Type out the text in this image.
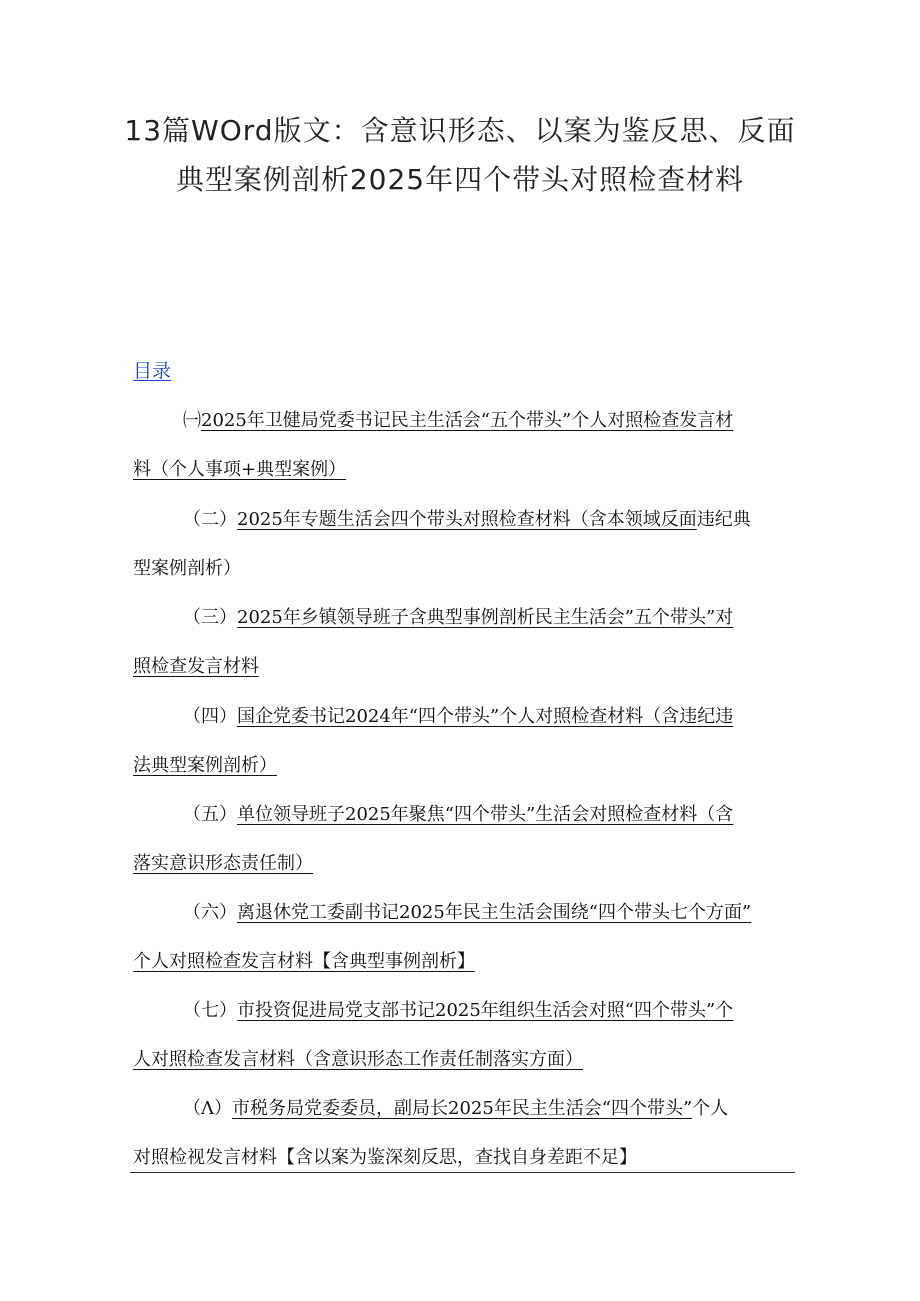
13篇WOrd版文：含意识形态、以案为鉴反思、反面
典型案例剖析2025年四个带头对照检查材料
目录
㈠2025年卫健局党委书记民主生活会“五个带头”个人对照检查发言材
料（个人事项+典型案例）
（二）2025年专题生活会四个带头对照检查材料（含本领域反面违纪典
型案例剖析）
（三）2025年乡镇领导班子含典型事例剖析民主生活会”五个带头”对
照检查发言材料
（四）国企党委书记2024年“四个带头”个人对照检查材料（含违纪违
法典型案例剖析）
（五）单位领导班子2025年聚焦“四个带头”生活会对照检查材料（含
落实意识形态责任制）
（六）离退休党工委副书记2025年民主生活会围绕“四个带头七个方面”
个人对照检查发言材料【含典型事例剖析】
（七）市投资促进局党支部书记2025年组织生活会对照“四个带头”个
人对照检查发言材料（含意识形态工作责任制落实方面）
（Λ）市税务局党委委员，副局长2025年民主生活会“四个带头”个人
对照检视发言材料【含以案为鉴深刻反思，查找自身差距不足】
